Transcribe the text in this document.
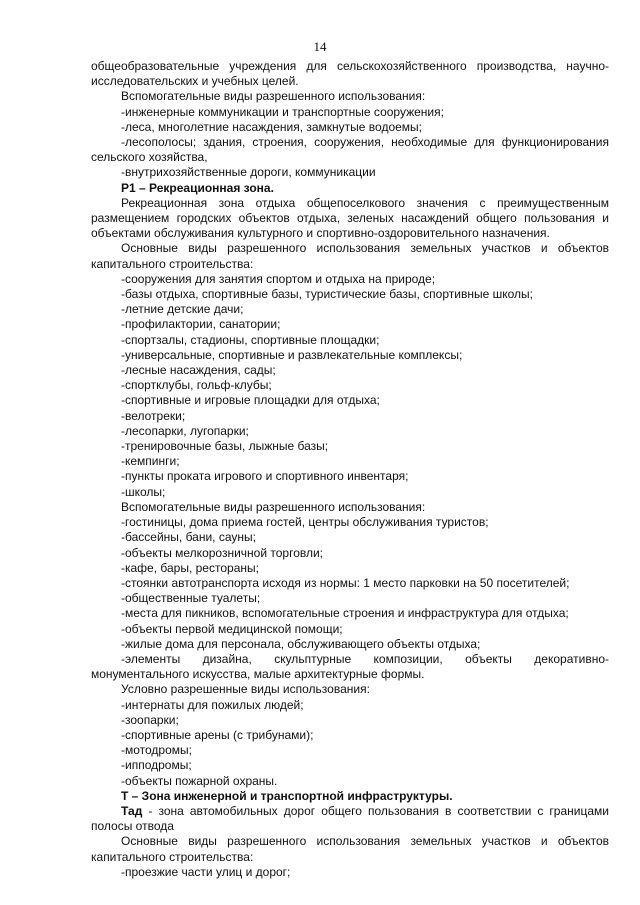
14

общеобразовательные учреждения для сельскохозяйственного производства, научно-исследовательских и учебных целей.

Вспомогательные виды разрешенного использования:

-инженерные коммуникации и транспортные сооружения;

-леса, многолетние насаждения, замкнутые водоемы;

-лесополосы; здания, строения, сооружения, необходимые для функционирования сельского хозяйства,

-внутрихозяйственные дороги, коммуникации

Р1 – Рекреационная зона.

Рекреационная зона отдыха общепоселкового значения с преимущественным размещением городских объектов отдыха, зеленых насаждений общего пользования и объектами обслуживания культурного и спортивно-оздоровительного назначения.

Основные виды разрешенного использования земельных участков и объектов капитального строительства:

-сооружения для занятия спортом и отдыха на природе;

-базы отдыха, спортивные базы, туристические базы, спортивные школы;

-летние детские дачи;

-профилактории, санатории;

-спортзалы, стадионы, спортивные площадки;

-универсальные, спортивные и развлекательные комплексы;

-лесные насаждения, сады;

-спортклубы, гольф-клубы;

-спортивные и игровые площадки для отдыха;

-велотреки;

-лесопарки, лугопарки;

-тренировочные базы, лыжные базы;

-кемпинги;

-пункты проката игрового и спортивного инвентаря;

-школы;

Вспомогательные виды разрешенного использования:

-гостиницы, дома приема гостей, центры обслуживания туристов;

-бассейны, бани, сауны;

-объекты мелкорозничной торговли;

-кафе, бары, рестораны;

-стоянки автотранспорта исходя из нормы: 1 место парковки на 50 посетителей;

-общественные туалеты;

-места для пикников, вспомогательные строения и инфраструктура для отдыха;

-объекты первой медицинской помощи;

-жилые дома для персонала, обслуживающего объекты отдыха;

-элементы дизайна, скульптурные композиции, объекты декоративно-монументального искусства, малые архитектурные формы.

Условно разрешенные виды использования:

-интернаты для пожилых людей;

-зоопарки;

-спортивные арены (с трибунами);

-мотодромы;

-ипподромы;

-объекты пожарной охраны.

Т – Зона инженерной и транспортной инфраструктуры.

Тад - зона автомобильных дорог общего пользования в соответствии с границами полосы отвода

Основные виды разрешенного использования земельных участков и объектов капитального строительства:

-проезжие части улиц и дорог;
